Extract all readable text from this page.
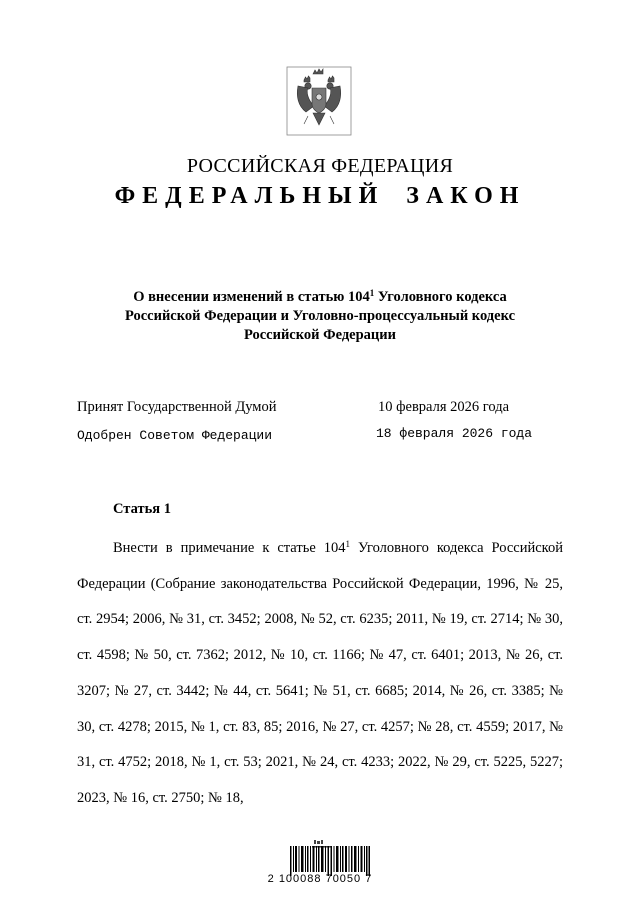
РОССИЙСКАЯ ФЕДЕРАЦИЯ
ФЕДЕРАЛЬНЫЙ ЗАКОН
О внесении изменений в статью $104^1$ Уголовного кодекса
Российской Федерации и Уголовно-процессуальный кодекс
Российской Федерации
Принят Государственной Думой	10 февраля 2026 года
Одобрен Советом Федерации	18 февраля 2026 года
Статья 1
Внести в примечание к статье $104^1$ Уголовного кодекса Российской Федерации (Собрание законодательства Российской Федерации, 1996, № 25, ст. 2954; 2006, № 31, ст. 3452; 2008, № 52, ст. 6235; 2011, № 19, ст. 2714; № 30, ст. 4598; № 50, ст. 7362; 2012, № 10, ст. 1166; № 47, ст. 6401; 2013, № 26, ст. 3207; № 27, ст. 3442; № 44, ст. 5641; № 51, ст. 6685; 2014, № 26, ст. 3385; № 30, ст. 4278; 2015, № 1, ст. 83, 85; 2016, № 27, ст. 4257; № 28, ст. 4559; 2017, № 31, ст. 4752; 2018, № 1, ст. 53; 2021, № 24, ст. 4233; 2022, № 29, ст. 5225, 5227; 2023, № 16, ст. 2750; № 18,
2 100088 70050 7
